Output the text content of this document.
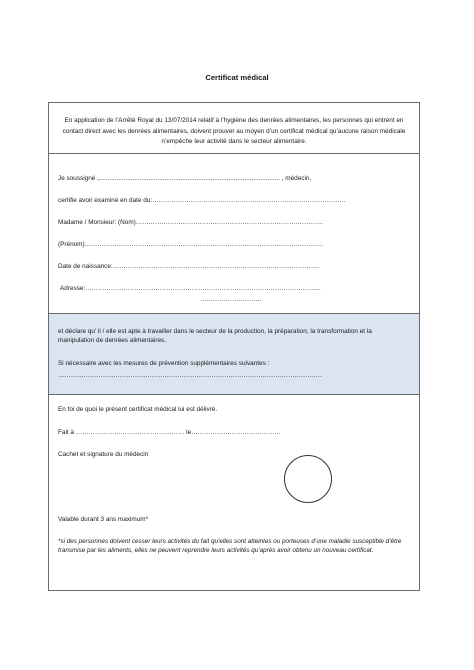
Certificat médical
En application de l’Arrêté Royal du 13/07/2014 relatif à l’hygiène des denrées alimentaires, les personnes qui entrent en contact direct avec les denrées alimentaires, doivent prouver au moyen d’un certificat médical qu’aucune raison médicale n’empêche leur activité dans le secteur alimentaire.
Je soussigné ,...................................................................................................... , médecin,
certifie avoir examiné en date du:……………………………………………………………………………….
Madame / Monsieur: (Nom)…………………………………………………………………………….
(Prénom)………………………………………………………………………………………………….
Date de naissance:…………………………………………………………………………………….
Adresse:………………………………………………………………………………………………...
………………………..
et déclare qu’ il / elle est apte à travailler dans le secteur de la production, la préparation, la transformation et la manipulation de denrées alimentaires.
Si nécessaire avec les mesures de prévention supplémentaires suivantes :
…………………………………………………………………………………………………………….
En foi de quoi le présent certificat médical lui est délivré.
Fait à …………………………………………… le……………………………………
Cachet et signature du médecin
Valable durant 3 ans maximum*
*si des personnes doivent cesser leurs activités du fait qu’elles sont atteintes ou porteuses d’une maladie susceptible d’être transmise par les aliments, elles ne peuvent reprendre leurs activités qu’après avoir obtenu un nouveau certificat.
